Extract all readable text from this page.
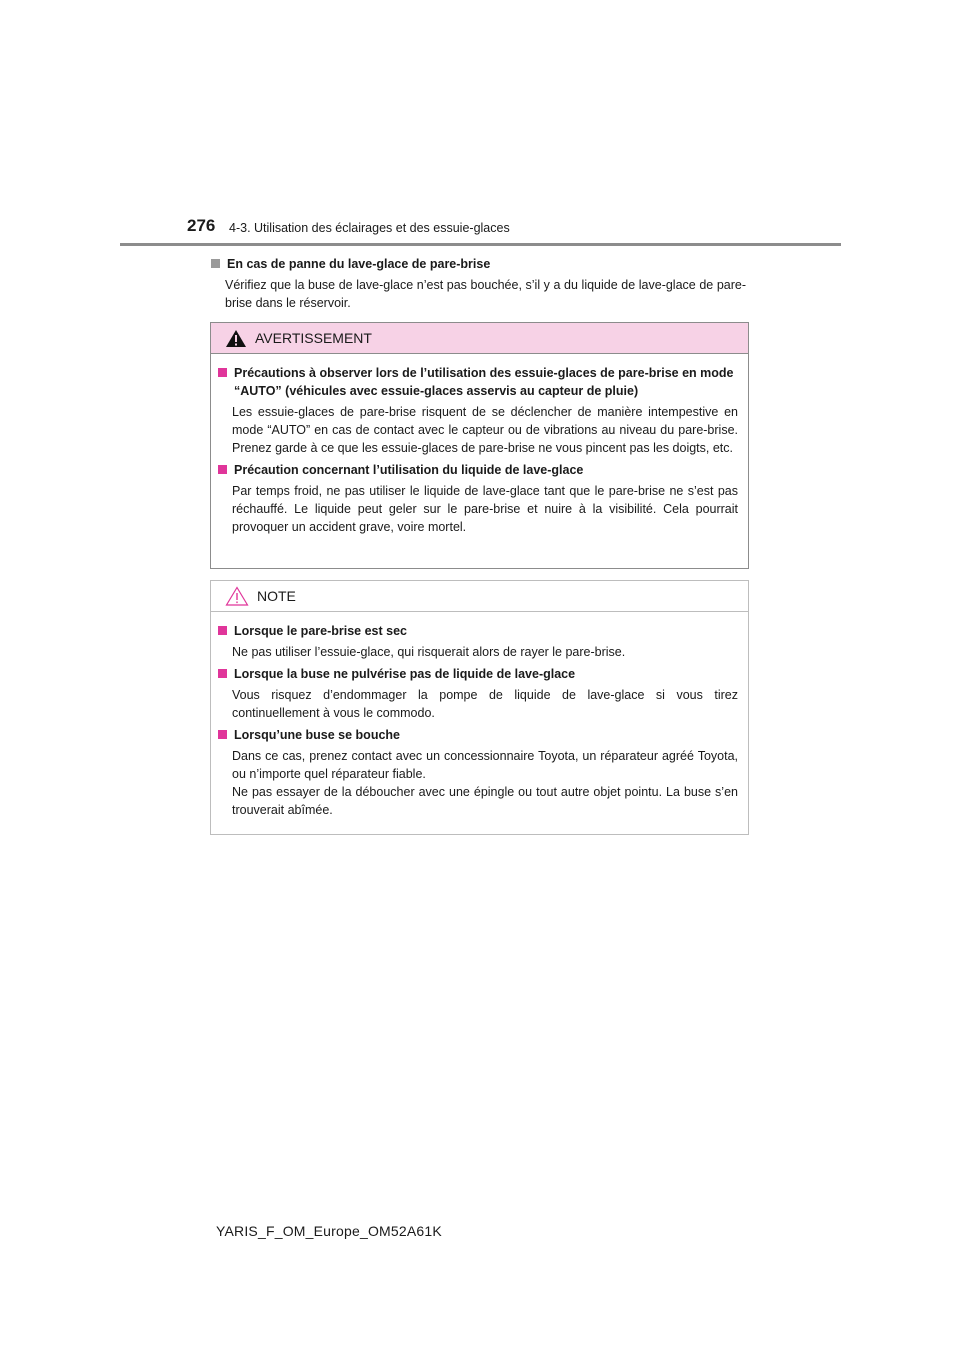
276 4-3. Utilisation des éclairages et des essuie-glaces
En cas de panne du lave-glace de pare-brise
Vérifiez que la buse de lave-glace n’est pas bouchée, s’il y a du liquide de lave-glace de pare-brise dans le réservoir.
AVERTISSEMENT
Précautions à observer lors de l’utilisation des essuie-glaces de pare-brise en mode “AUTO” (véhicules avec essuie-glaces asservis au capteur de pluie)
Les essuie-glaces de pare-brise risquent de se déclencher de manière intempestive en mode “AUTO” en cas de contact avec le capteur ou de vibrations au niveau du pare-brise. Prenez garde à ce que les essuie-glaces de pare-brise ne vous pincent pas les doigts, etc.
Précaution concernant l’utilisation du liquide de lave-glace
Par temps froid, ne pas utiliser le liquide de lave-glace tant que le pare-brise ne s’est pas réchauffé. Le liquide peut geler sur le pare-brise et nuire à la visibilité. Cela pourrait provoquer un accident grave, voire mortel.
NOTE
Lorsque le pare-brise est sec
Ne pas utiliser l’essuie-glace, qui risquerait alors de rayer le pare-brise.
Lorsque la buse ne pulvérise pas de liquide de lave-glace
Vous risquez d’endommager la pompe de liquide de lave-glace si vous tirez continuellement à vous le commodo.
Lorsqu’une buse se bouche
Dans ce cas, prenez contact avec un concessionnaire Toyota, un réparateur agréé Toyota, ou n’importe quel réparateur fiable.
Ne pas essayer de la déboucher avec une épingle ou tout autre objet pointu. La buse s’en trouverait abîmée.
YARIS_F_OM_Europe_OM52A61K
